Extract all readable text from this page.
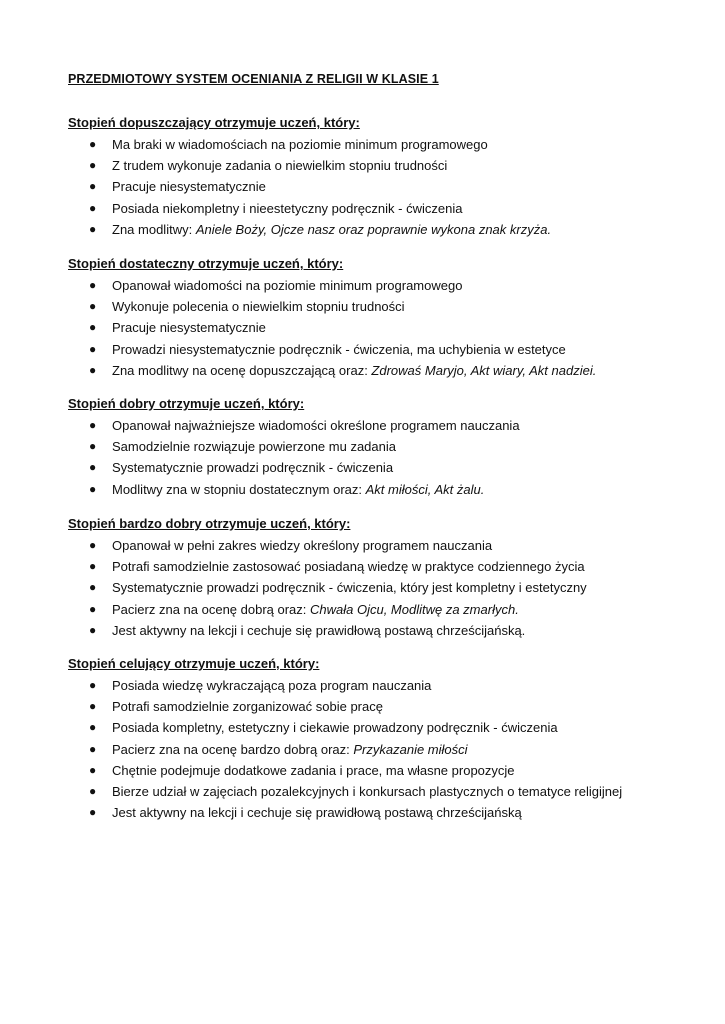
PRZEDMIOTOWY SYSTEM OCENIANIA Z RELIGII W KLASIE 1
Stopień dopuszczający otrzymuje uczeń, który:
● Ma braki w wiadomościach na poziomie minimum programowego
● Z trudem wykonuje zadania o niewielkim stopniu trudności
● Pracuje niesystematycznie
● Posiada niekompletny i nieestetyczny podręcznik - ćwiczenia
● Zna modlitwy: Aniele Boży, Ojcze nasz oraz poprawnie wykona znak krzyża.
Stopień dostateczny otrzymuje uczeń, który:
● Opanował wiadomości na poziomie minimum programowego
● Wykonuje polecenia o niewielkim stopniu trudności
● Pracuje niesystematycznie
● Prowadzi niesystematycznie podręcznik - ćwiczenia, ma uchybienia w estetyce
● Zna modlitwy na ocenę dopuszczającą oraz: Zdrowaś Maryjo, Akt wiary, Akt nadziei.
Stopień dobry otrzymuje uczeń, który:
● Opanował najważniejsze wiadomości określone programem nauczania
● Samodzielnie rozwiązuje powierzone mu zadania
● Systematycznie prowadzi podręcznik - ćwiczenia
● Modlitwy zna w stopniu dostatecznym oraz: Akt miłości, Akt żalu.
Stopień bardzo dobry otrzymuje uczeń, który:
● Opanował w pełni zakres wiedzy określony programem nauczania
● Potrafi samodzielnie zastosować posiadaną wiedzę w praktyce codziennego życia
● Systematycznie prowadzi podręcznik - ćwiczenia, który jest kompletny i estetyczny
● Pacierz zna na ocenę dobrą oraz: Chwała Ojcu, Modlitwę za zmarłych.
● Jest aktywny na lekcji i cechuje się prawidłową postawą chrześcijańską.
Stopień celujący otrzymuje uczeń, który:
● Posiada wiedzę wykraczającą poza program nauczania
● Potrafi samodzielnie zorganizować sobie pracę
● Posiada kompletny, estetyczny i ciekawie prowadzony podręcznik - ćwiczenia
● Pacierz zna na ocenę bardzo dobrą oraz: Przykazanie miłości
● Chętnie podejmuje dodatkowe zadania i prace, ma własne propozycje
● Bierze udział w zajęciach pozalekcyjnych i konkursach plastycznych o tematyce religijnej
● Jest aktywny na lekcji i cechuje się prawidłową postawą chrześcijańską
